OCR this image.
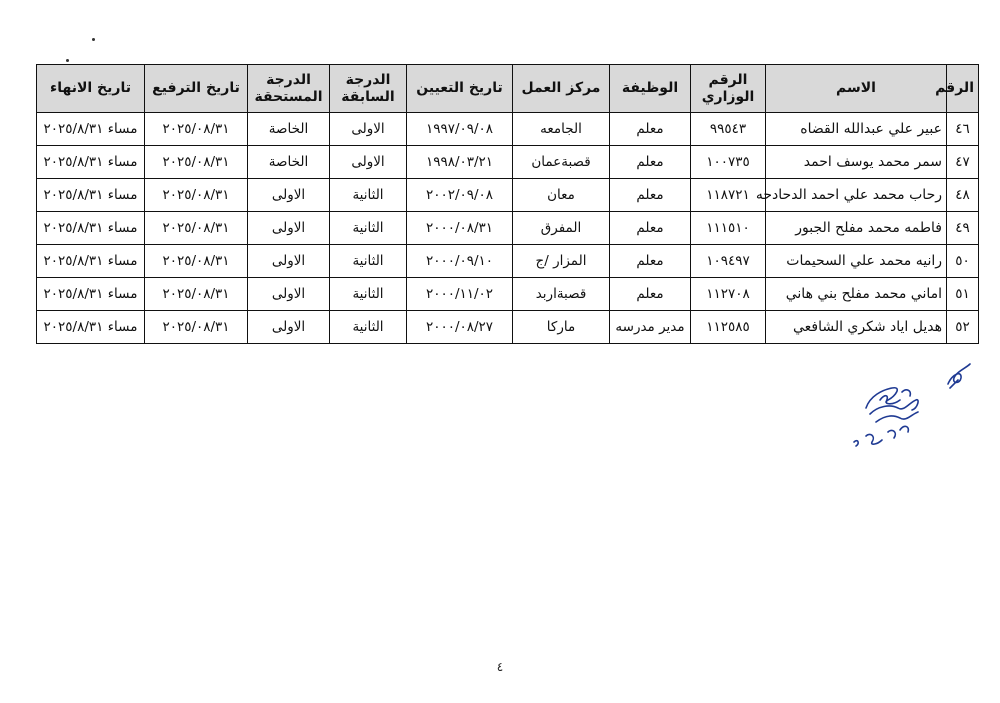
الرقم	الاسم	الرقم الوزاري	الوظيفة	مركز العمل	تاريخ التعيين	الدرجة السابقة	الدرجة المستحقة	تاريخ الترفيع	تاريخ الانهاء
٤٦	عبير علي عبدالله القضاه	٩٩٥٤٣	معلم	الجامعه	١٩٩٧/٠٩/٠٨	الاولى	الخاصة	٢٠٢٥/٠٨/٣١	مساء ٢٠٢٥/٨/٣١
٤٧	سمر محمد يوسف احمد	١٠٠٧٣٥	معلم	قصبةعمان	١٩٩٨/٠٣/٢١	الاولى	الخاصة	٢٠٢٥/٠٨/٣١	مساء ٢٠٢٥/٨/٣١
٤٨	رحاب محمد علي احمد الدحادحه	١١٨٧٢١	معلم	معان	٢٠٠٢/٠٩/٠٨	الثانية	الاولى	٢٠٢٥/٠٨/٣١	مساء ٢٠٢٥/٨/٣١
٤٩	فاطمه محمد مفلح الجبور	١١١٥١٠	معلم	المفرق	٢٠٠٠/٠٨/٣١	الثانية	الاولى	٢٠٢٥/٠٨/٣١	مساء ٢٠٢٥/٨/٣١
٥٠	رانيه محمد علي السحيمات	١٠٩٤٩٧	معلم	المزار /ج	٢٠٠٠/٠٩/١٠	الثانية	الاولى	٢٠٢٥/٠٨/٣١	مساء ٢٠٢٥/٨/٣١
٥١	اماني محمد مفلح بني هاني	١١٢٧٠٨	معلم	قصبةاربد	٢٠٠٠/١١/٠٢	الثانية	الاولى	٢٠٢٥/٠٨/٣١	مساء ٢٠٢٥/٨/٣١
٥٢	هديل اياد شكري الشافعي	١١٢٥٨٥	مدير مدرسه	ماركا	٢٠٠٠/٠٨/٢٧	الثانية	الاولى	٢٠٢٥/٠٨/٣١	مساء ٢٠٢٥/٨/٣١
٤
